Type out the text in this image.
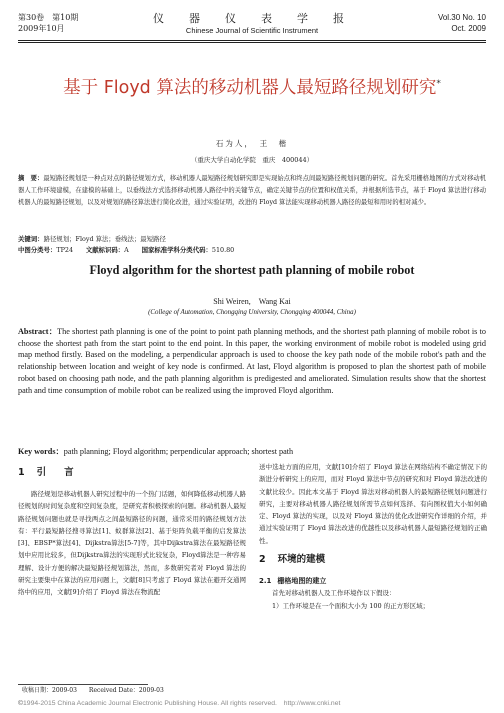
第30卷　第10期
2009年10月
仪　器　仪　表　学　报
Chinese Journal of Scientific Instrument
Vol.30 No. 10
Oct. 2009
基于 Floyd 算法的移动机器人最短路径规划研究*
石为人，　王　楷
（重庆大学自动化学院　重庆　400044）
摘　要：最短路径规划是一种点对点的路径规划方式，移动机器人最短路径规划研究即是实现始点和终点间最短路径规划问题的研究。首先采用栅格地图的方式对移动机器人工作环境建模，在建模的基础上，以垂线法方式选择移动机器人路径中的关键节点，确定关键节点的位置和权值关系，并根据所选节点，基于 Floyd 算法进行移动机器人的最短路径规划，以及对规划的路径算法进行简化改进，通过实验证明，改进的 Floyd 算法能实现移动机器人路径的最短和用时的相对减少。
关键词：路径规划；Floyd 算法；垂线法；最短路径
中图分类号：TP24　　 文献标识码：A　　 国家标准学科分类代码：510.80
Floyd algorithm for the shortest path planning of mobile robot
Shi Weiren,　Wang Kai
(College of Automation, Chongqing University, Chongqing 400044, China)
Abstract：The shortest path planning is one of the point to point path planning methods, and the shortest path planning of mobile robot is to choose the shortest path from the start point to the end point. In this paper, the working environment of mobile robot is modeled using grid map method firstly. Based on the modeling, a perpendicular approach is used to choose the key path node of the mobile robot's path and the relationship between location and weight of key node is confirmed. At last, Floyd algorithm is proposed to plan the shortest path of mobile robot based on choosing path node, and the path planning algorithm is predigested and ameliorated. Simulation results show that the shortest path and time consumption of mobile robot can be realized using the improved Floyd algorithm.
Key words：path planning; Floyd algorithm; perpendicular approach; shortest path
1 引言

路径规划是移动机器人研究过程中的一个热门话题，如何降低移动机器人路径规划的时间复杂度和空间复杂度，是研究者积极探索的问题。移动机器人最短路径规划问题也就是寻找两点之间最短路径的问题，通常采用的路径规划方法有：平行最短路径搜寻算法[1]、蚁群算法[2]、基于矩阵负载平衡的启发算法[3]、EBSP*算法[4]、Dijkstra算法[5-7]等，其中Dijkstra算法在最短路径规划中应用比较多，但Dijkstra算法的实现形式比较复杂，Floyd算法是一种容易理解、设计方便的解决最短路径规划算法，然而，多数研究者对 Floyd 算法的研究主要集中在算法的应用问题上，文献[8]只考虑了 Floyd 算法在避开交通网络中的应用，文献[9]介绍了 Floyd 算法在物流配

送中选址方面的应用，文献[10]介绍了 Floyd 算法在网络结构不确定情况下的渐进分析研究上的应用，而对 Floyd 算法中节点的研究和对 Floyd 算法改进的文献比较少。因此本文基于 Floyd 算法对移动机器人的最短路径规划问题进行研究，主要对移动机器人路径规划所需节点如何选择、有向图权值大小如何确定、Floyd 算法的实现，以及对 Floyd 算法的优化改进研究作详细的介绍，并通过实验证明了 Floyd 算法改进的优越性以及移动机器人最短路径规划的正确性。

2 环境的建模
2.1 栅格地图的建立

首先对移动机器人及工作环境作以下假设：

1）工作环境是在一个面积大小为 100 的正方形区域；

收稿日期：2009-03　　Received Date：2009-03
©1994-2015 China Academic Journal Electronic Publishing House. All rights reserved.　http://www.cnki.net
